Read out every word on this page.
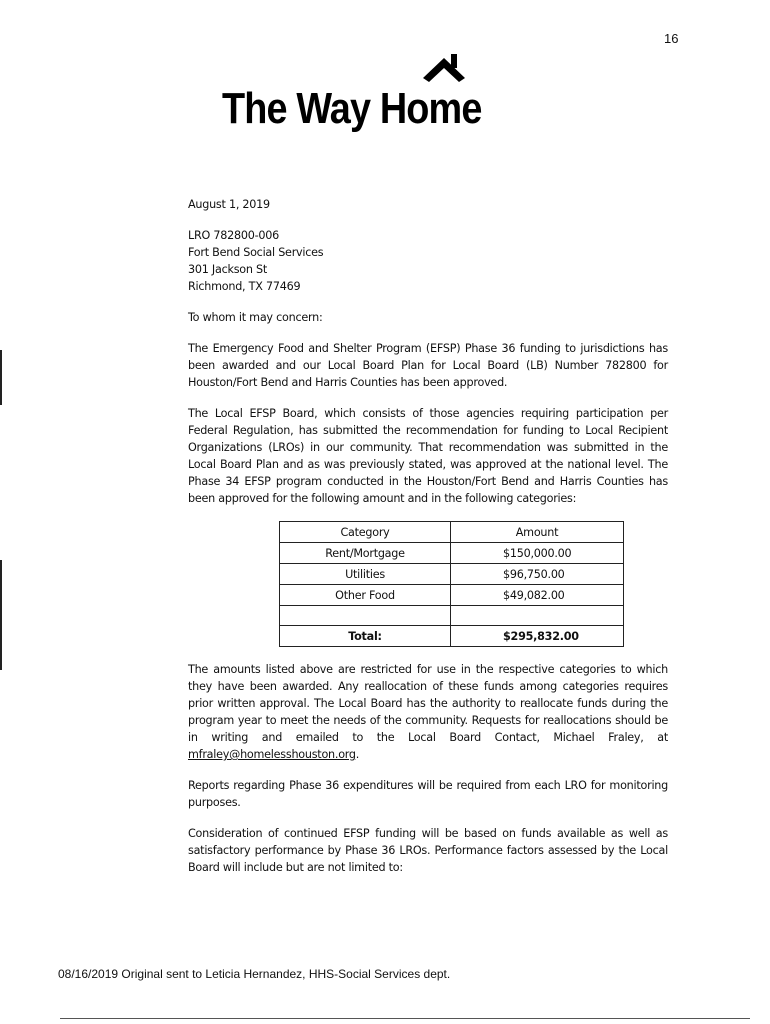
16
The Way Home

August 1, 2019

LRO 782800-006
Fort Bend Social Services
301 Jackson St
Richmond, TX 77469

To whom it may concern:

The Emergency Food and Shelter Program (EFSP) Phase 36 funding to jurisdictions has been awarded and our Local Board Plan for Local Board (LB) Number 782800 for Houston/Fort Bend and Harris Counties has been approved.

The Local EFSP Board, which consists of those agencies requiring participation per Federal Regulation, has submitted the recommendation for funding to Local Recipient Organizations (LROs) in our community. That recommendation was submitted in the Local Board Plan and as was previously stated, was approved at the national level. The Phase 34 EFSP program conducted in the Houston/Fort Bend and Harris Counties has been approved for the following amount and in the following categories:

Category	Amount
Rent/Mortgage	$150,000.00
Utilities	$96,750.00
Other Food	$49,082.00

Total:	$295,832.00

The amounts listed above are restricted for use in the respective categories to which they have been awarded. Any reallocation of these funds among categories requires prior written approval. The Local Board has the authority to reallocate funds during the program year to meet the needs of the community. Requests for reallocations should be in writing and emailed to the Local Board Contact, Michael Fraley, at mfraley@homelesshouston.org.

Reports regarding Phase 36 expenditures will be required from each LRO for monitoring purposes.

Consideration of continued EFSP funding will be based on funds available as well as satisfactory performance by Phase 36 LROs. Performance factors assessed by the Local Board will include but are not limited to:

08/16/2019 Original sent to Leticia Hernandez, HHS-Social Services dept.
